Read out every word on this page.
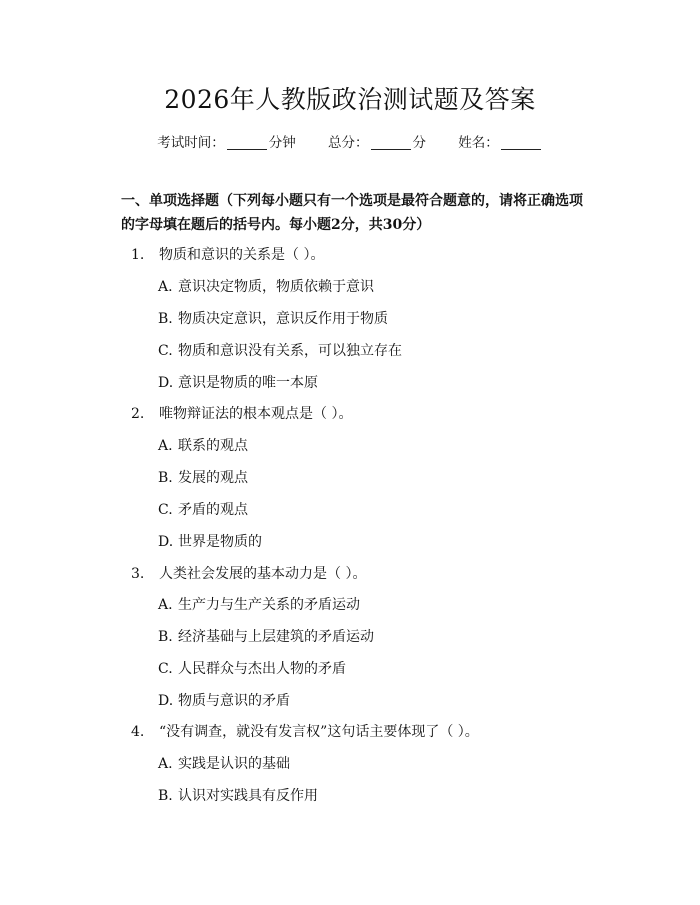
2026年人教版政治测试题及答案
考试时间：	分钟 总分：	分 姓名：
一、单项选择题（下列每小题只有一个选项是最符合题意的，请将正确选项的字母填在题后的括号内。每小题2分，共30分）
1. 物质和意识的关系是（ ）。
A. 意识决定物质，物质依赖于意识
B. 物质决定意识，意识反作用于物质
C. 物质和意识没有关系，可以独立存在
D. 意识是物质的唯一本原
2. 唯物辩证法的根本观点是（ ）。
A. 联系的观点
B. 发展的观点
C. 矛盾的观点
D. 世界是物质的
3. 人类社会发展的基本动力是（ ）。
A. 生产力与生产关系的矛盾运动
B. 经济基础与上层建筑的矛盾运动
C. 人民群众与杰出人物的矛盾
D. 物质与意识的矛盾
4. “没有调查，就没有发言权”这句话主要体现了（ ）。
A. 实践是认识的基础
B. 认识对实践具有反作用
